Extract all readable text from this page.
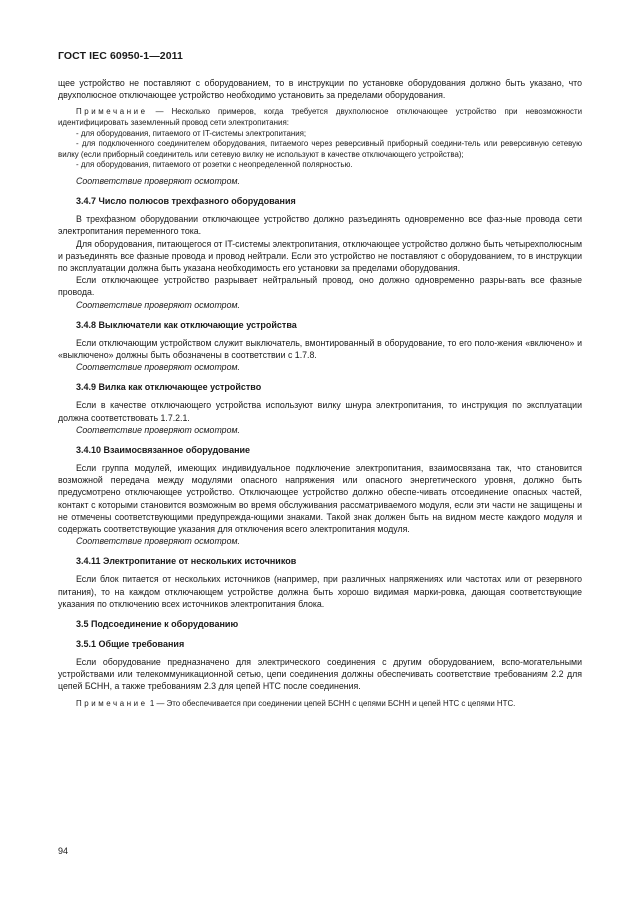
ГОСТ IEC 60950-1—2011

щее устройство не поставляют с оборудованием, то в инструкции по установке оборудования должно быть указано, что двухполюсное отключающее устройство необходимо установить за пределами оборудования.

Примечание — Несколько примеров, когда требуется двухполюсное отключающее устройство при невозможности идентифицировать заземленный провод сети электропитания:

- для оборудования, питаемого от IT-системы электропитания;

- для подключенного соединителем оборудования, питаемого через реверсивный приборный соедини-тель или реверсивную сетевую вилку (если приборный соединитель или сетевую вилку не используют в качестве отключающего устройства);

- для оборудования, питаемого от розетки с неопределенной полярностью.

Соответствие проверяют осмотром.

3.4.7 Число полюсов трехфазного оборудования

В трехфазном оборудовании отключающее устройство должно разъединять одновременно все фаз-ные провода сети электропитания переменного тока.

Для оборудования, питающегося от IT-системы электропитания, отключающее устройство должно быть четырехполюсным и разъединять все фазные провода и провод нейтрали. Если это устройство не поставляют с оборудованием, то в инструкции по эксплуатации должна быть указана необходимость его установки за пределами оборудования.

Если отключающее устройство разрывает нейтральный провод, оно должно одновременно разры-вать все фазные провода.

Соответствие проверяют осмотром.

3.4.8 Выключатели как отключающие устройства

Если отключающим устройством служит выключатель, вмонтированный в оборудование, то его поло-жения «включено» и «выключено» должны быть обозначены в соответствии с 1.7.8.

Соответствие проверяют осмотром.

3.4.9 Вилка как отключающее устройство

Если в качестве отключающего устройства используют вилку шнура электропитания, то инструкция по эксплуатации должна соответствовать 1.7.2.1.

Соответствие проверяют осмотром.

3.4.10 Взаимосвязанное оборудование

Если группа модулей, имеющих индивидуальное подключение электропитания, взаимосвязана так, что становится возможной передача между модулями опасного напряжения или опасного энергетического уровня, должно быть предусмотрено отключающее устройство. Отключающее устройство должно обеспе-чивать отсоединение опасных частей, контакт с которыми становится возможным во время обслуживания рассматриваемого модуля, если эти части не защищены и не отмечены соответствующими предупрежда-ющими знаками. Такой знак должен быть на видном месте каждого модуля и содержать соответствующие указания для отключения всего электропитания модуля.

Соответствие проверяют осмотром.

3.4.11 Электропитание от нескольких источников

Если блок питается от нескольких источников (например, при различных напряжениях или частотах или от резервного питания), то на каждом отключающем устройстве должна быть хорошо видимая марки-ровка, дающая соответствующие указания по отключению всех источников электропитания блока.

3.5 Подсоединение к оборудованию
3.5.1 Общие требования

Если оборудование предназначено для электрического соединения с другим оборудованием, вспо-могательными устройствами или телекоммуникационной сетью, цепи соединения должны обеспечивать соответствие требованиям 2.2 для цепей БСНН, а также требованиям 2.3 для цепей НТС после соединения.

Примечание 1 — Это обеспечивается при соединении цепей БСНН с цепями БСНН и цепей НТС с цепями НТС.

94
